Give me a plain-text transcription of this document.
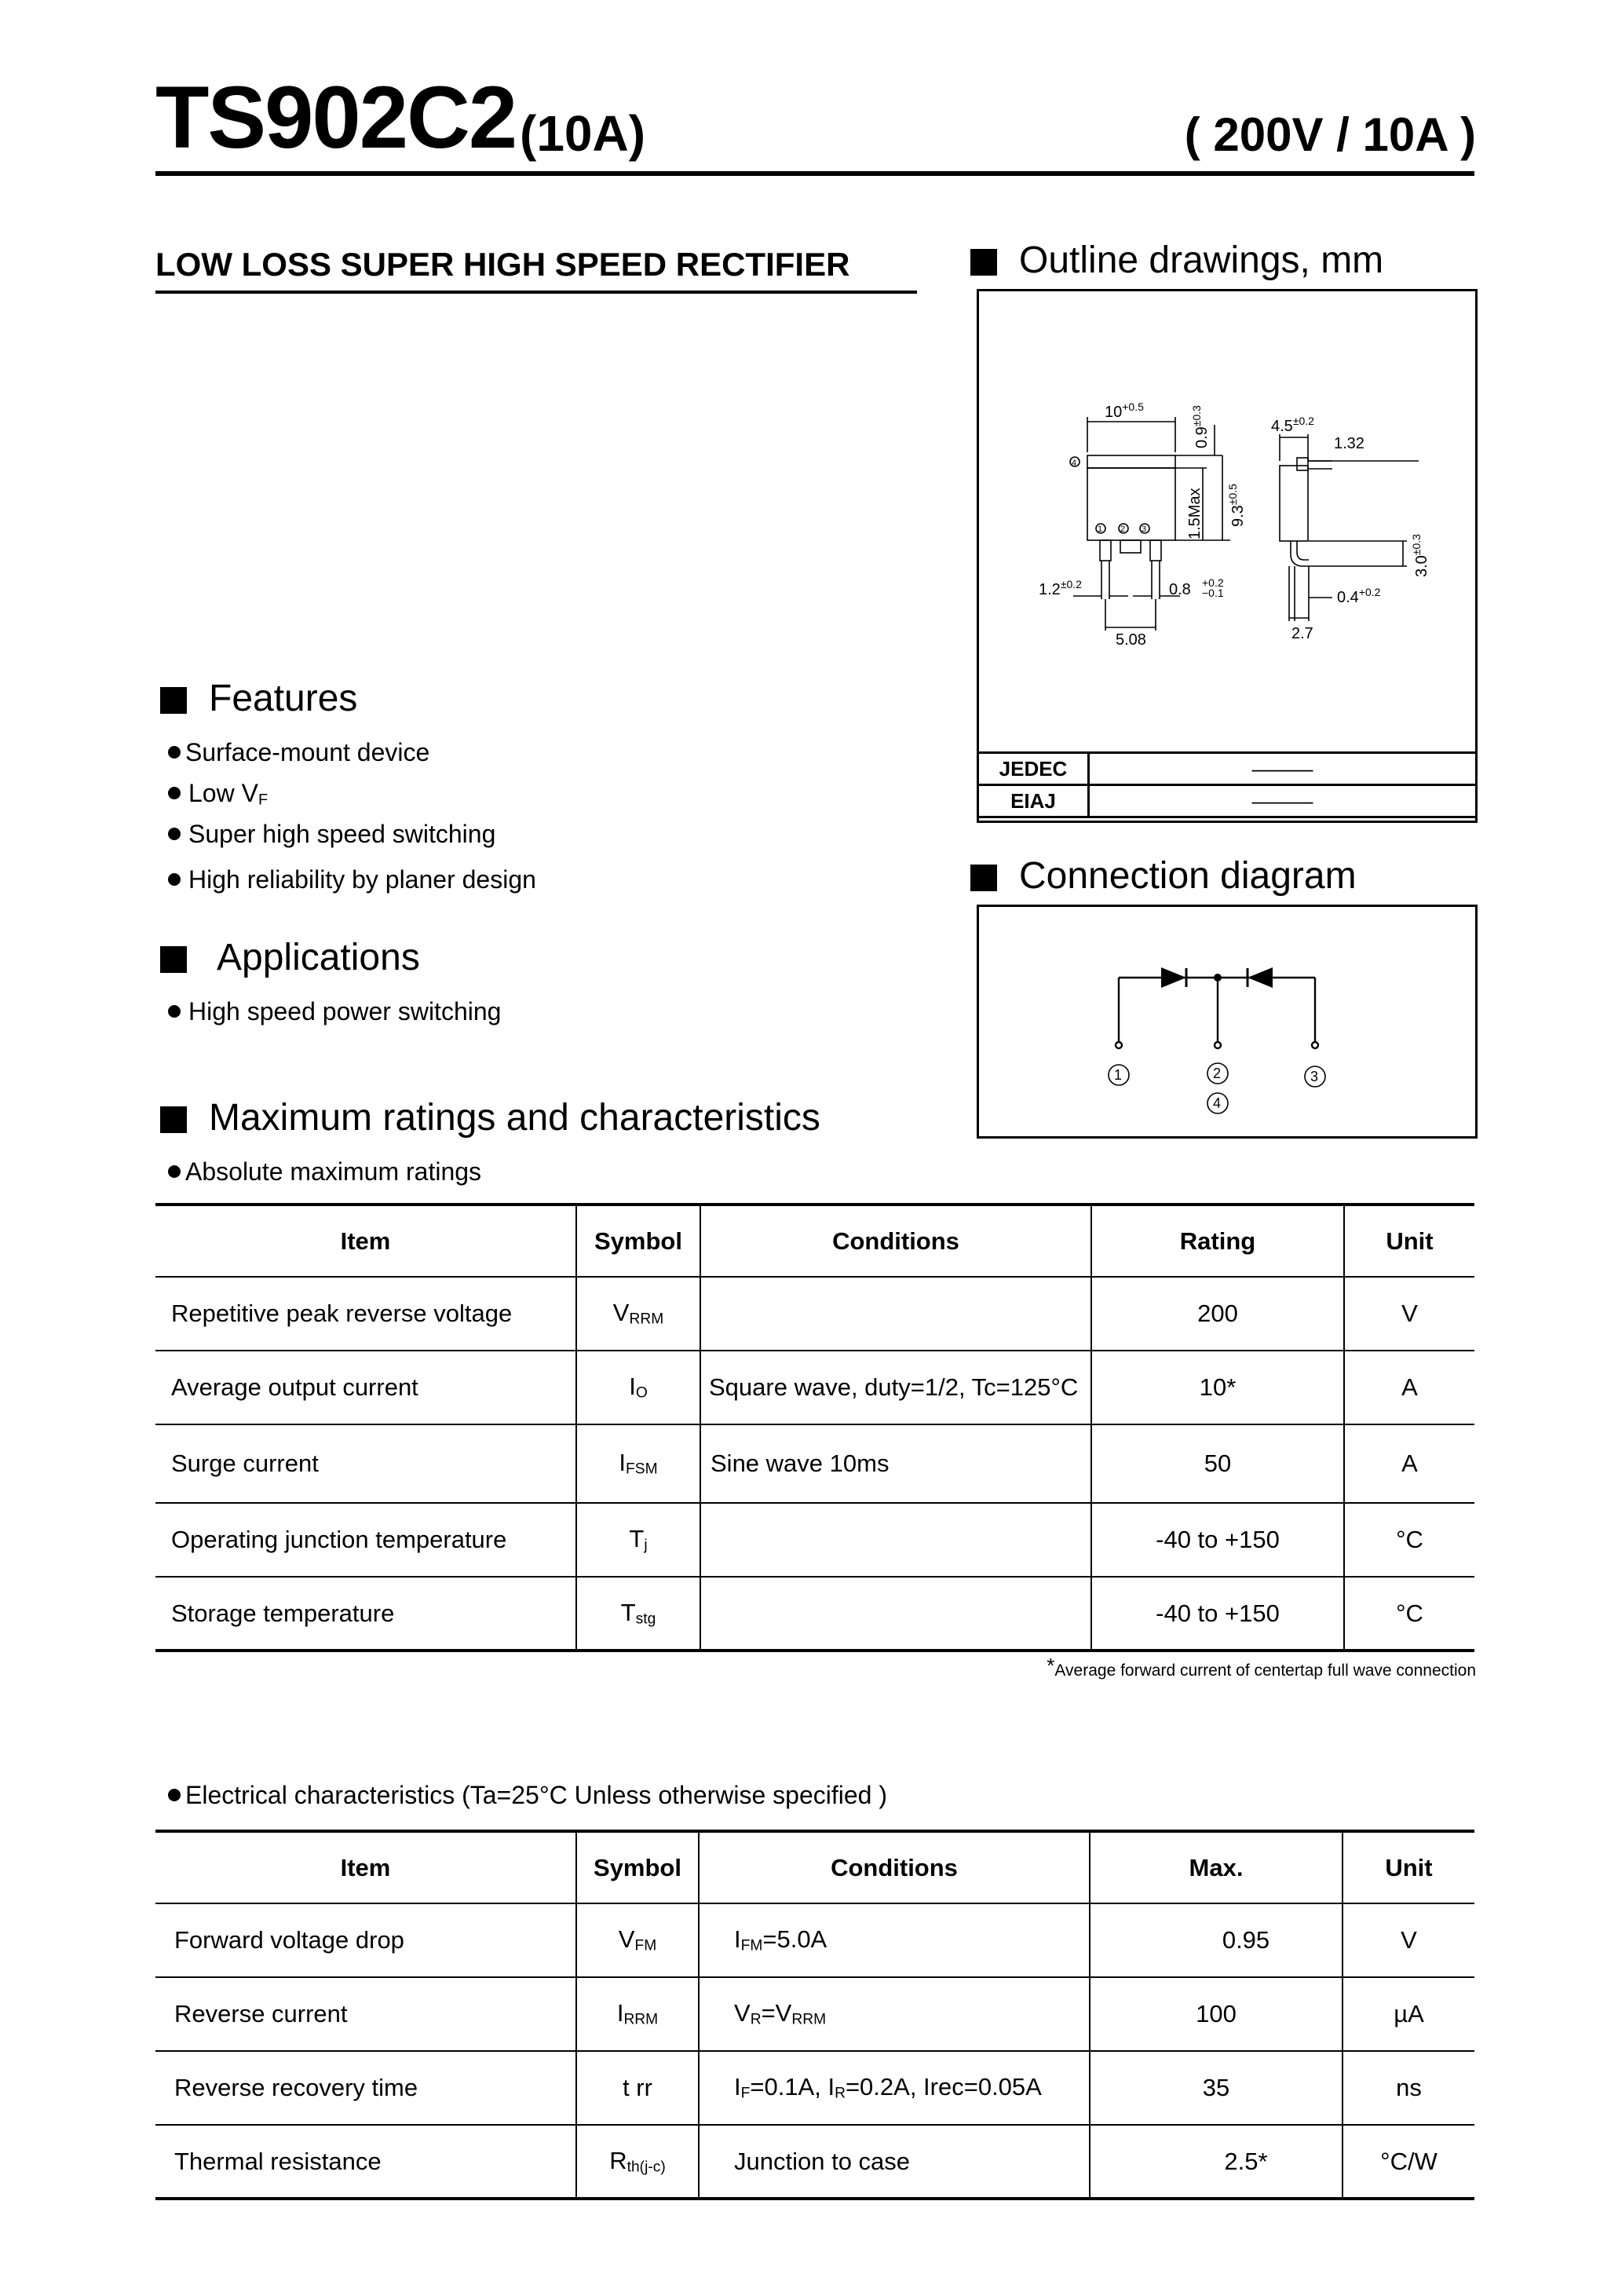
TS902C2 (10A)	( 200V / 10A )
LOW LOSS SUPER HIGH SPEED RECTIFIER	Outline drawings, mm
$10^{+0.5}$
$0.9^{\pm 0.3}$
1.5Max $9.3^{\pm 0.5}$
$4.5^{\pm 0.2}$
1.32
$3.0^{\pm 0.3}$
$1.2^{\pm 0.2}$	0.8 +0.2
−0.1
5.08
$0.4^{+0.2}$
2.7
4
1 2 3
JEDEC	———
EIAJ	———
Connection diagram
1	2
4
3
Features
Surface-mount device
Low VF
Super high speed switching
High reliability by planer design
Applications
High speed power switching
Maximum ratings and characteristics
Absolute maximum ratings
Item	Symbol	Conditions	Rating	Unit
Repetitive peak reverse voltage	VRRM		200	V
Average output current	IO	Square wave, duty=1/2, Tc=125°C	10*	A
Surge current	IFSM	Sine wave 10ms	50	A
Operating junction temperature	Tj		-40 to +150	°C
Storage temperature	Tstg		-40 to +150	°C
*Average forward current of centertap full wave connection
Electrical characteristics (Ta=25°C Unless otherwise specified )
Item	Symbol	Conditions	Max.	Unit
Forward voltage drop	VFM	IFM=5.0A	0.95	V
Reverse current	IRRM	VR=VRRM	100	µA
Reverse recovery time	t rr	IF=0.1A, IR=0.2A, Irec=0.05A	35	ns
Thermal resistance	Rth(j-c)	Junction to case	2.5*	°C/W
